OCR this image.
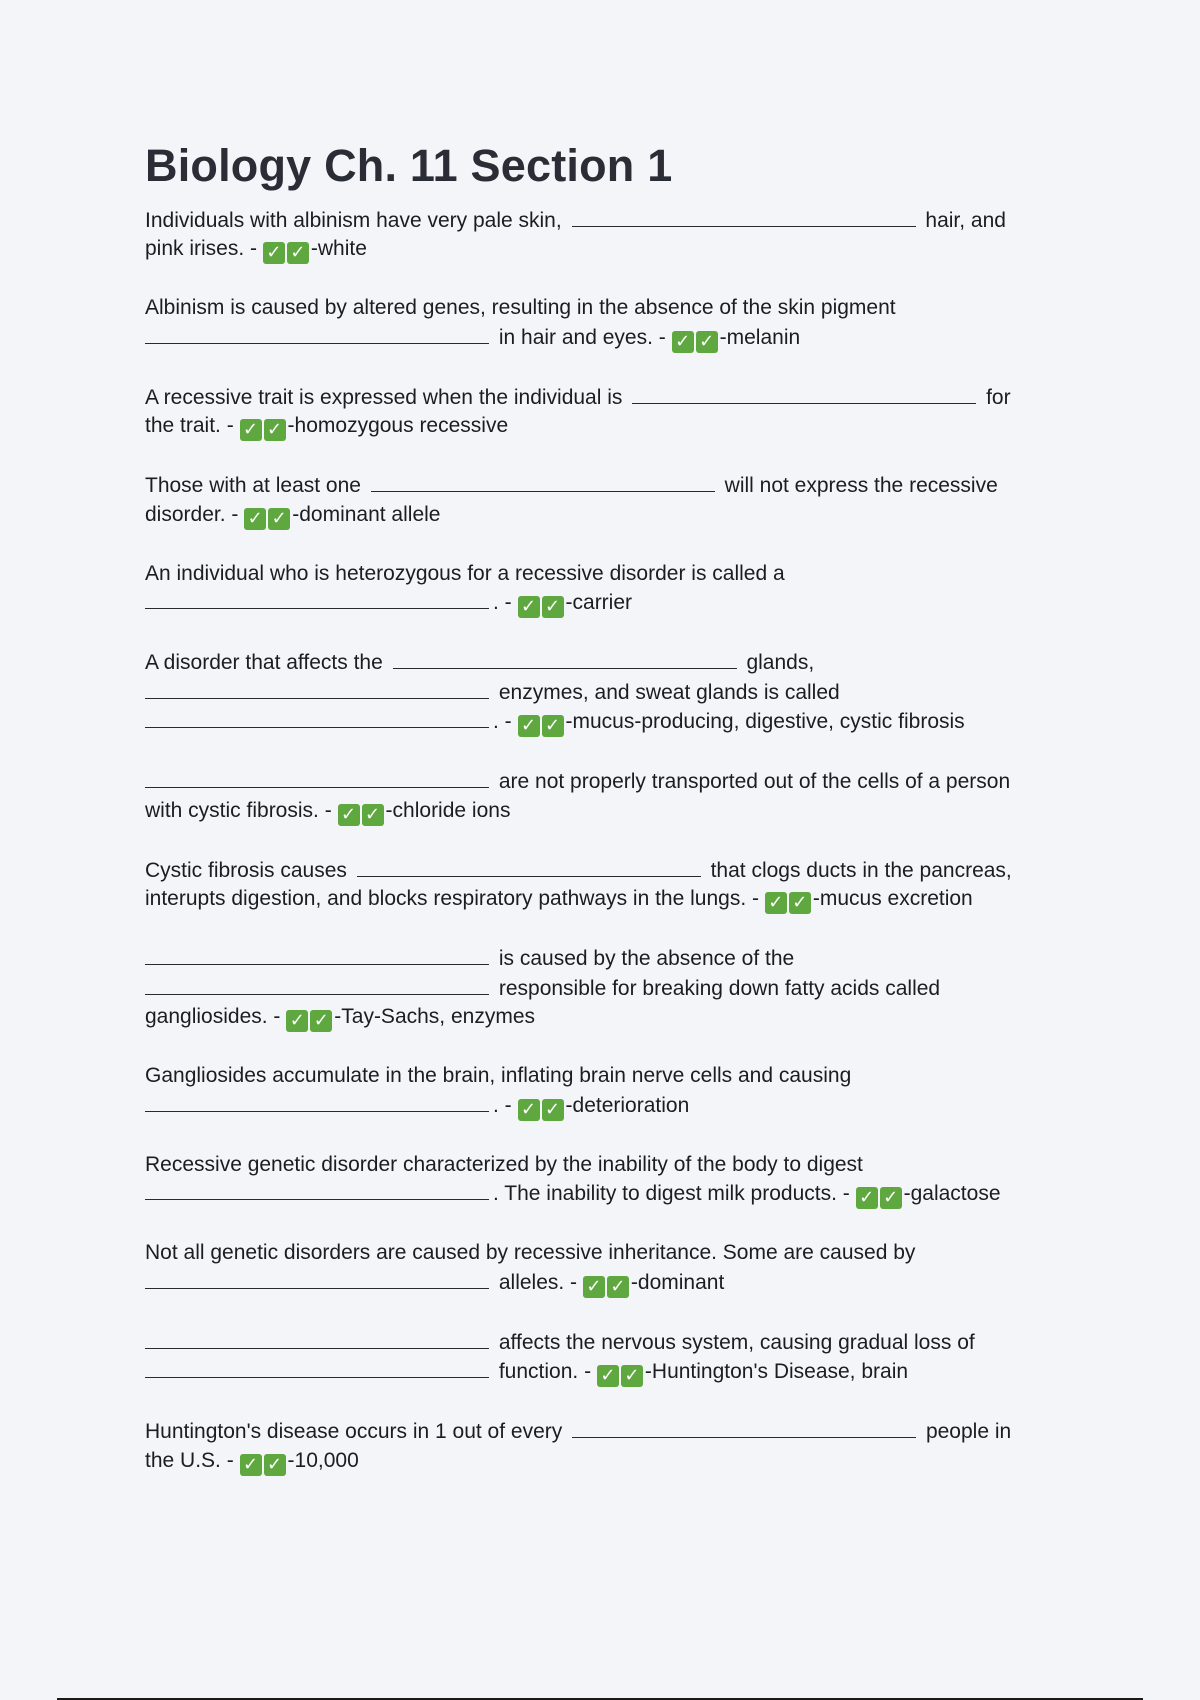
Biology Ch. 11 Section 1
Individuals with albinism have very pale skin,	hair, and
pink irises. - ✓ ✓ -white
Albinism is caused by altered genes, resulting in the absence of the skin pigment
in hair and eyes. - ✓ ✓ -melanin
A recessive trait is expressed when the individual is	for
the trait. - ✓ ✓ -homozygous recessive
Those with at least one	will not express the recessive
disorder. - ✓ ✓ -dominant allele
An individual who is heterozygous for a recessive disorder is called a
. - ✓ ✓ -carrier
A disorder that affects the	glands,
enzymes, and sweat glands is called
. - ✓ ✓ -mucus-producing, digestive, cystic fibrosis
are not properly transported out of the cells of a person
with cystic fibrosis. - ✓ ✓ -chloride ions
Cystic fibrosis causes	that clogs ducts in the pancreas,
interupts digestion, and blocks respiratory pathways in the lungs. - ✓ ✓ -mucus excretion
is caused by the absence of the
responsible for breaking down fatty acids called
gangliosides. - ✓ ✓ -Tay-Sachs, enzymes
Gangliosides accumulate in the brain, inflating brain nerve cells and causing
. - ✓ ✓ -deterioration
Recessive genetic disorder characterized by the inability of the body to digest
. The inability to digest milk products. - ✓ ✓ -galactose
Not all genetic disorders are caused by recessive inheritance. Some are caused by
alleles. - ✓ ✓ -dominant
affects the nervous system, causing gradual loss of
function. - ✓ ✓ -Huntington's Disease, brain
Huntington's disease occurs in 1 out of every	people in
the U.S. - ✓ ✓ -10,000
